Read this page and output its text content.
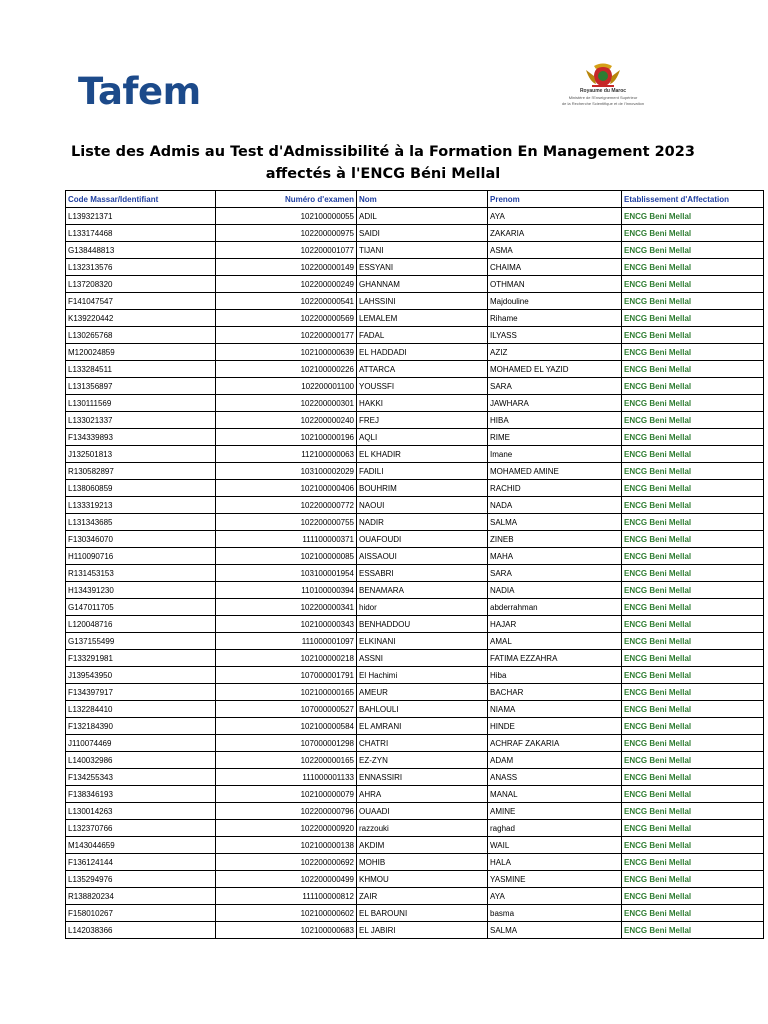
Tafem	Royaume du Maroc
Ministère de l'Enseignement Supérieur
de la Recherche Scientifique et de l'Innovation
Liste des Admis au Test d'Admissibilité à la Formation En Management 2023
affectés à l'ENCG Béni Mellal
Code Massar/Identifiant	Numéro d'examen	Nom	Prenom	Etablissement d'Affectation
L139321371	102100000055	ADIL	AYA	ENCG Beni Mellal
L133174468	102200000975	SAIDI	ZAKARIA	ENCG Beni Mellal
G138448813	102200001077	TIJANI	ASMA	ENCG Beni Mellal
L132313576	102200000149	ESSYANI	CHAIMA	ENCG Beni Mellal
L137208320	102200000249	GHANNAM	OTHMAN	ENCG Beni Mellal
F141047547	102200000541	LAHSSINI	Majdouline	ENCG Beni Mellal
K139220442	102200000569	LEMALEM	Rihame	ENCG Beni Mellal
L130265768	102200000177	FADAL	ILYASS	ENCG Beni Mellal
M120024859	102100000639	EL HADDADI	AZIZ	ENCG Beni Mellal
L133284511	102100000226	ATTARCA	MOHAMED EL YAZID	ENCG Beni Mellal
L131356897	102200001100	YOUSSFI	SARA	ENCG Beni Mellal
L130111569	102200000301	HAKKI	JAWHARA	ENCG Beni Mellal
L133021337	102200000240	FREJ	HIBA	ENCG Beni Mellal
F134339893	102100000196	AQLI	RIME	ENCG Beni Mellal
J132501813	112100000063	EL KHADIR	Imane	ENCG Beni Mellal
R130582897	103100002029	FADILI	MOHAMED AMINE	ENCG Beni Mellal
L138060859	102100000406	BOUHRIM	RACHID	ENCG Beni Mellal
L133319213	102200000772	NAOUI	NADA	ENCG Beni Mellal
L131343685	102200000755	NADIR	SALMA	ENCG Beni Mellal
F130346070	111100000371	OUAFOUDI	ZINEB	ENCG Beni Mellal
H110090716	102100000085	AISSAOUI	MAHA	ENCG Beni Mellal
R131453153	103100001954	ESSABRI	SARA	ENCG Beni Mellal
H134391230	110100000394	BENAMARA	NADIA	ENCG Beni Mellal
G147011705	102200000341	hidor	abderrahman	ENCG Beni Mellal
L120048716	102100000343	BENHADDOU	HAJAR	ENCG Beni Mellal
G137155499	111000001097	ELKINANI	AMAL	ENCG Beni Mellal
F133291981	102100000218	ASSNI	FATIMA EZZAHRA	ENCG Beni Mellal
J139543950	107000001791	El Hachimi	Hiba	ENCG Beni Mellal
F134397917	102100000165	AMEUR	BACHAR	ENCG Beni Mellal
L132284410	107000000527	BAHLOULI	NIAMA	ENCG Beni Mellal
F132184390	102100000584	EL AMRANI	HINDE	ENCG Beni Mellal
J110074469	107000001298	CHATRI	ACHRAF ZAKARIA	ENCG Beni Mellal
L140032986	102200000165	EZ-ZYN	ADAM	ENCG Beni Mellal
F134255343	111000001133	ENNASSIRI	ANASS	ENCG Beni Mellal
F138346193	102100000079	AHRA	MANAL	ENCG Beni Mellal
L130014263	102200000796	OUAADI	AMINE	ENCG Beni Mellal
L132370766	102200000920	razzouki	raghad	ENCG Beni Mellal
M143044659	102100000138	AKDIM	WAIL	ENCG Beni Mellal
F136124144	102200000692	MOHIB	HALA	ENCG Beni Mellal
L135294976	102200000499	KHMOU	YASMINE	ENCG Beni Mellal
R138820234	111100000812	ZAIR	AYA	ENCG Beni Mellal
F158010267	102100000602	EL BAROUNI	basma	ENCG Beni Mellal
L142038366	102100000683	EL JABIRI	SALMA	ENCG Beni Mellal
